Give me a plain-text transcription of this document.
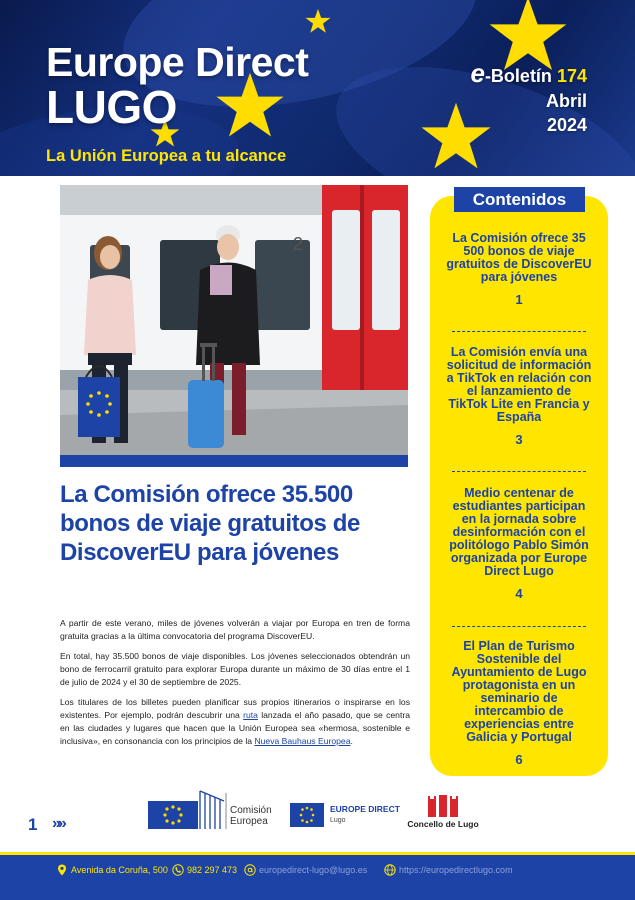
Europe Direct
LUGO
La Unión Europea a tu alcance
e-Boletín 174
Abril
2024
2
La Comisión ofrece 35.500 bonos de viaje gratuitos de DiscoverEU para jóvenes

A partir de este verano, miles de jóvenes volverán a viajar por Europa en tren de forma gratuita gracias a la última convocatoria del programa DiscoverEU.

En total, hay 35.500 bonos de viaje disponibles. Los jóvenes seleccionados obtendrán un bono de ferrocarril gratuito para explorar Europa durante un máximo de 30 días entre el 1 de julio de 2024 y el 30 de septiembre de 2025.

Los titulares de los billetes pueden planificar sus propios itinerarios o inspirarse en los existentes. Por ejemplo, podrán descubrir una ruta lanzada el año pasado, que se centra en las ciudades y lugares que hacen que la Unión Europea sea «hermosa, sostenible e inclusiva», en consonancia con los principios de la Nueva Bauhaus Europea.

Contenidos
La Comisión ofrece 35 500 bonos de viaje gratuitos de DiscoverEU para jóvenes
1
La Comisión envía una solicitud de información a TikTok en relación con el lanzamiento de TikTok Lite en Francia y España
3
Medio centenar de estudiantes participan en la jornada sobre desinformación con el politólogo Pablo Simón organizada por Europe Direct Lugo
4
El Plan de Turismo Sostenible del Ayuntamiento de Lugo protagonista en un seminario de intercambio de experiencias entre Galicia y Portugal
6
1 »»
Comisión
Europea
EUROPE DIRECT
Lugo	Concello de Lugo
Avenida da Coruña, 500 982 297 473 europedirect-lugo@lugo.es	https://europedirectlugo.com
